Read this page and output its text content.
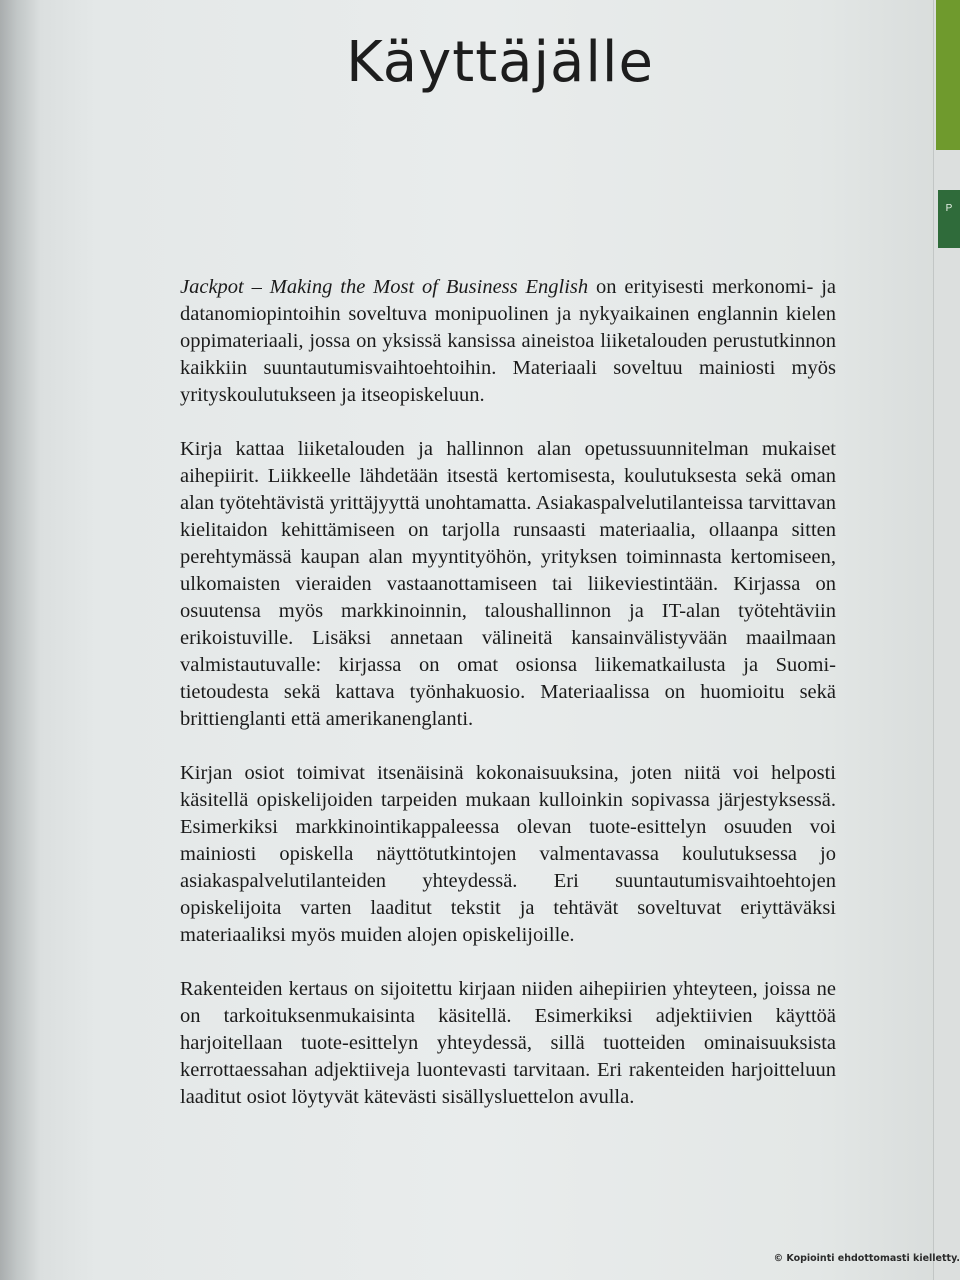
Käyttäjälle

Jackpot – Making the Most of Business English on erityisesti merkonomi- ja datanomiopintoihin soveltuva monipuolinen ja nykyaikainen englannin kielen oppimateriaali, jossa on yksissä kansissa aineistoa liiketalouden perustutkinnon kaikkiin suuntautumisvaihtoehtoihin. Materiaali soveltuu mainiosti myös yrityskoulutukseen ja itseopiskeluun.

Kirja kattaa liiketalouden ja hallinnon alan opetussuunnitelman mukaiset aihepiirit. Liikkeelle lähdetään itsestä kertomisesta, koulutuksesta sekä oman alan työtehtävistä yrittäjyyttä unohtamatta. Asiakaspalvelutilanteissa tarvittavan kielitaidon kehittämiseen on tarjolla runsaasti materiaalia, ollaanpa sitten perehtymässä kaupan alan myyntityöhön, yrityksen toiminnasta kertomiseen, ulkomaisten vieraiden vastaanottamiseen tai liikeviestintään. Kirjassa on osuutensa myös markkinoinnin, taloushallinnon ja IT-alan työtehtäviin erikoistuville. Lisäksi annetaan välineitä kansainvälistyvään maailmaan valmistautuvalle: kirjassa on omat osionsa liikematkailusta ja Suomi-tietoudesta sekä kattava työnhakuosio. Materiaalissa on huomioitu sekä brittienglanti että amerikanenglanti.

Kirjan osiot toimivat itsenäisinä kokonaisuuksina, joten niitä voi helposti käsitellä opiskelijoiden tarpeiden mukaan kulloinkin sopivassa järjestyksessä. Esimerkiksi markkinointikappaleessa olevan tuote-esittelyn osuuden voi mainiosti opiskella näyttötutkintojen valmentavassa koulutuksessa jo asiakaspalvelutilanteiden yhteydessä. Eri suuntautumisvaihtoehtojen opiskelijoita varten laaditut tekstit ja tehtävät soveltuvat eriyttäväksi materiaaliksi myös muiden alojen opiskelijoille.

Rakenteiden kertaus on sijoitettu kirjaan niiden aihepiirien yhteyteen, joissa ne on tarkoituksenmukaisinta käsitellä. Esimerkiksi adjektiivien käyttöä harjoitellaan tuote-esittelyn yhteydessä, sillä tuotteiden ominaisuuksista kerrottaessahan adjektiiveja luontevasti tarvitaan. Eri rakenteiden harjoitteluun laaditut osiot löytyvät kätevästi sisällysluettelon avulla.

P
© Kopiointi ehdottomasti kielletty.
